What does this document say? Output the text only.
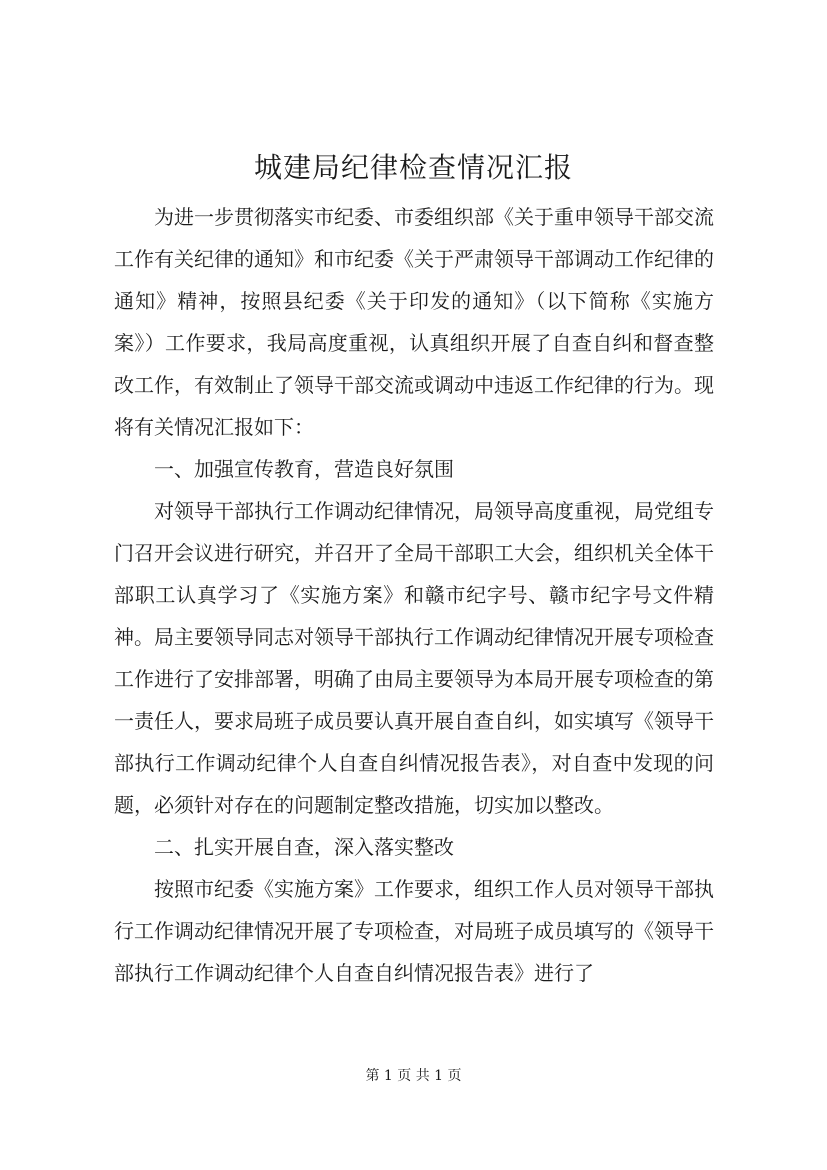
城建局纪律检查情况汇报

为进一步贯彻落实市纪委、市委组织部《关于重申领导干部交流工作有关纪律的通知》和市纪委《关于严肃领导干部调动工作纪律的通知》精神，按照县纪委《关于印发的通知》（以下简称《实施方案》）工作要求，我局高度重视，认真组织开展了自查自纠和督查整改工作，有效制止了领导干部交流或调动中违返工作纪律的行为。现将有关情况汇报如下：

一、加强宣传教育，营造良好氛围

对领导干部执行工作调动纪律情况，局领导高度重视，局党组专门召开会议进行研究，并召开了全局干部职工大会，组织机关全体干部职工认真学习了《实施方案》和赣市纪字号、赣市纪字号文件精神。局主要领导同志对领导干部执行工作调动纪律情况开展专项检查工作进行了安排部署，明确了由局主要领导为本局开展专项检查的第一责任人，要求局班子成员要认真开展自查自纠，如实填写《领导干部执行工作调动纪律个人自查自纠情况报告表》，对自查中发现的问题，必须针对存在的问题制定整改措施，切实加以整改。

二、扎实开展自查，深入落实整改

按照市纪委《实施方案》工作要求，组织工作人员对领导干部执行工作调动纪律情况开展了专项检查，对局班子成员填写的《领导干部执行工作调动纪律个人自查自纠情况报告表》进行了

第 1 页 共 1 页
